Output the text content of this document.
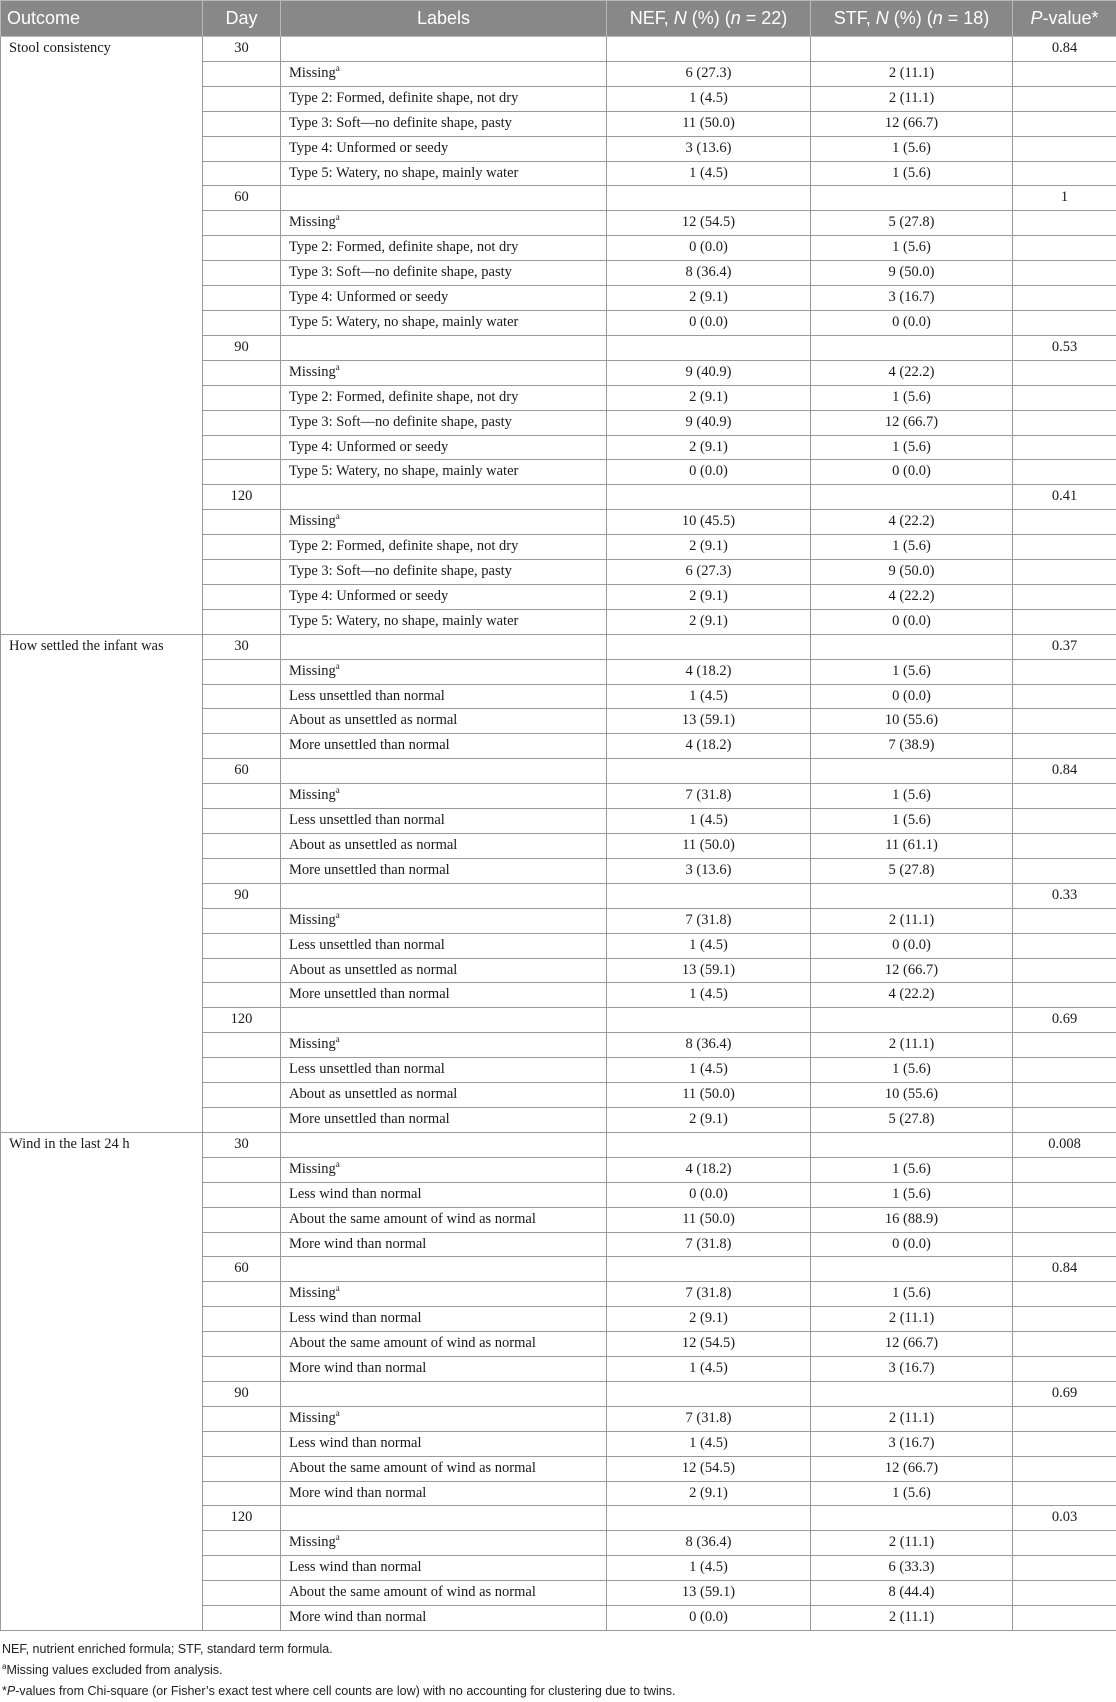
Outcome	Day	Labels	NEF, N (%) (n = 22)	STF, N (%) (n = 18)	P-value*
Stool consistency	30				0.84
		Missing$^a$	6 (27.3)	2 (11.1)	
		Type 2: Formed, definite shape, not dry	1 (4.5)	2 (11.1)	
		Type 3: Soft—no definite shape, pasty	11 (50.0)	12 (66.7)	
		Type 4: Unformed or seedy	3 (13.6)	1 (5.6)	
		Type 5: Watery, no shape, mainly water	1 (4.5)	1 (5.6)	
	60				1
		Missing$^a$	12 (54.5)	5 (27.8)	
		Type 2: Formed, definite shape, not dry	0 (0.0)	1 (5.6)	
		Type 3: Soft—no definite shape, pasty	8 (36.4)	9 (50.0)	
		Type 4: Unformed or seedy	2 (9.1)	3 (16.7)	
		Type 5: Watery, no shape, mainly water	0 (0.0)	0 (0.0)	
	90				0.53
		Missing$^a$	9 (40.9)	4 (22.2)	
		Type 2: Formed, definite shape, not dry	2 (9.1)	1 (5.6)	
		Type 3: Soft—no definite shape, pasty	9 (40.9)	12 (66.7)	
		Type 4: Unformed or seedy	2 (9.1)	1 (5.6)	
		Type 5: Watery, no shape, mainly water	0 (0.0)	0 (0.0)	
	120				0.41
		Missing$^a$	10 (45.5)	4 (22.2)	
		Type 2: Formed, definite shape, not dry	2 (9.1)	1 (5.6)	
		Type 3: Soft—no definite shape, pasty	6 (27.3)	9 (50.0)	
		Type 4: Unformed or seedy	2 (9.1)	4 (22.2)	
		Type 5: Watery, no shape, mainly water	2 (9.1)	0 (0.0)	
How settled the infant was	30				0.37
		Missing$^a$	4 (18.2)	1 (5.6)	
		Less unsettled than normal	1 (4.5)	0 (0.0)	
		About as unsettled as normal	13 (59.1)	10 (55.6)	
		More unsettled than normal	4 (18.2)	7 (38.9)	
	60				0.84
		Missing$^a$	7 (31.8)	1 (5.6)	
		Less unsettled than normal	1 (4.5)	1 (5.6)	
		About as unsettled as normal	11 (50.0)	11 (61.1)	
		More unsettled than normal	3 (13.6)	5 (27.8)	
	90				0.33
		Missing$^a$	7 (31.8)	2 (11.1)	
		Less unsettled than normal	1 (4.5)	0 (0.0)	
		About as unsettled as normal	13 (59.1)	12 (66.7)	
		More unsettled than normal	1 (4.5)	4 (22.2)	
	120				0.69
		Missing$^a$	8 (36.4)	2 (11.1)	
		Less unsettled than normal	1 (4.5)	1 (5.6)	
		About as unsettled as normal	11 (50.0)	10 (55.6)	
		More unsettled than normal	2 (9.1)	5 (27.8)	
Wind in the last 24 h	30				0.008
		Missing$^a$	4 (18.2)	1 (5.6)	
		Less wind than normal	0 (0.0)	1 (5.6)	
		About the same amount of wind as normal	11 (50.0)	16 (88.9)	
		More wind than normal	7 (31.8)	0 (0.0)	
	60				0.84
		Missing$^a$	7 (31.8)	1 (5.6)	
		Less wind than normal	2 (9.1)	2 (11.1)	
		About the same amount of wind as normal	12 (54.5)	12 (66.7)	
		More wind than normal	1 (4.5)	3 (16.7)	
	90				0.69
		Missing$^a$	7 (31.8)	2 (11.1)	
		Less wind than normal	1 (4.5)	3 (16.7)	
		About the same amount of wind as normal	12 (54.5)	12 (66.7)	
		More wind than normal	2 (9.1)	1 (5.6)	
	120				0.03
		Missing$^a$	8 (36.4)	2 (11.1)	
		Less wind than normal	1 (4.5)	6 (33.3)	
		About the same amount of wind as normal	13 (59.1)	8 (44.4)	
		More wind than normal	0 (0.0)	2 (11.1)	
NEF, nutrient enriched formula; STF, standard term formula.
$^a$Missing values excluded from analysis.
*P-values from Chi-square (or Fisher’s exact test where cell counts are low) with no accounting for clustering due to twins.
